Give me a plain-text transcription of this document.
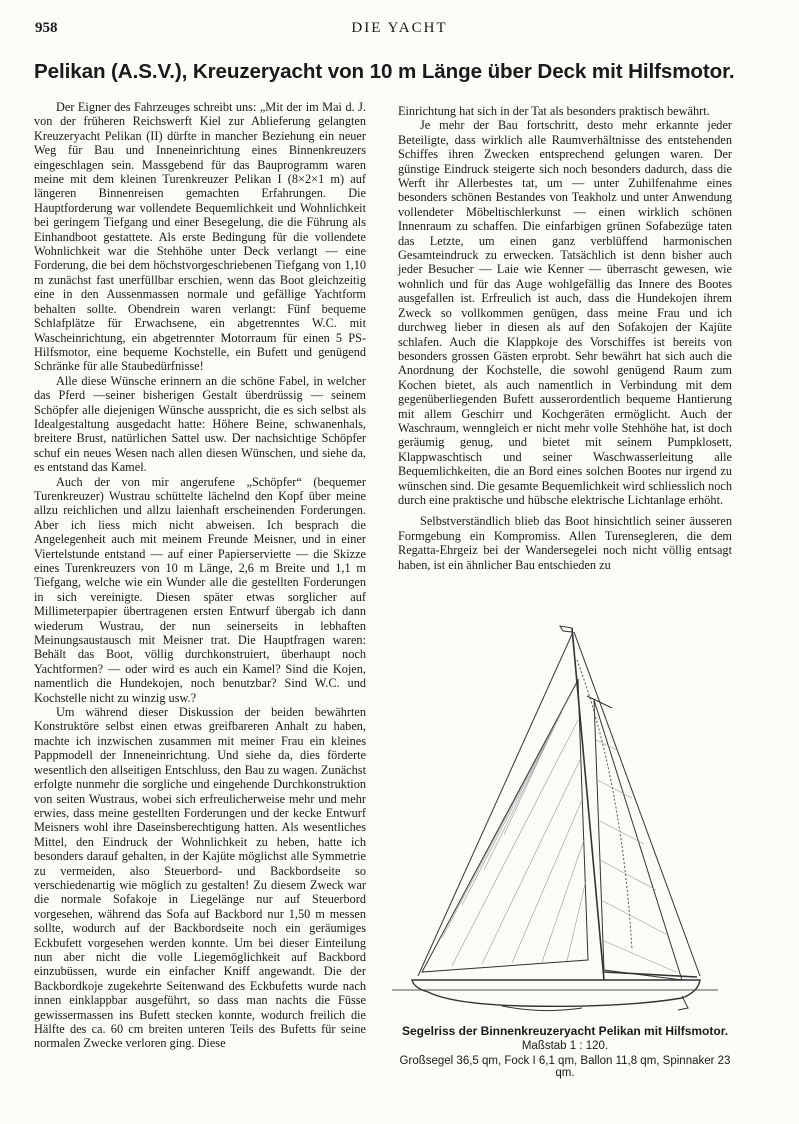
958	DIE YACHT
Pelikan (A.S.V.), Kreuzeryacht von 10 m Länge über Deck mit Hilfsmotor.

Der Eigner des Fahrzeuges schreibt uns: „Mit der im Mai d. J. von der früheren Reichswerft Kiel zur Ablieferung gelangten Kreuzeryacht Pelikan (II) dürfte in mancher Beziehung ein neuer Weg für Bau und Inneneinrichtung eines Binnenkreuzers eingeschlagen sein. Massgebend für das Bauprogramm waren meine mit dem kleinen Turenkreuzer Pelikan I (8×2×1 m) auf längeren Binnenreisen gemachten Erfahrungen. Die Hauptforderung war vollendete Bequemlichkeit und Wohnlichkeit bei geringem Tiefgang und einer Besegelung, die die Führung als Einhandboot gestattete. Als erste Bedingung für die vollendete Wohnlichkeit war die Stehhöhe unter Deck verlangt — eine Forderung, die bei dem höchstvorgeschriebenen Tiefgang von 1,10 m zunächst fast unerfüllbar erschien, wenn das Boot gleichzeitig eine in den Aussenmassen normale und gefällige Yachtform behalten sollte. Obendrein waren verlangt: Fünf bequeme Schlafplätze für Erwachsene, ein abgetrenntes W.C. mit Wascheinrichtung, ein abgetrennter Motorraum für einen 5 PS-Hilfsmotor, eine bequeme Kochstelle, ein Bufett und genügend Schränke für alle Staubedürfnisse!

Alle diese Wünsche erinnern an die schöne Fabel, in welcher das Pferd —seiner bisherigen Gestalt überdrüssig — seinem Schöpfer alle diejenigen Wünsche ausspricht, die es sich selbst als Idealgestaltung ausgedacht hatte: Höhere Beine, schwanenhals, breitere Brust, natürlichen Sattel usw. Der nachsichtige Schöpfer schuf ein neues Wesen nach allen diesen Wünschen, und siehe da, es entstand das Kamel.

Auch der von mir angerufene „Schöpfer“ (bequemer Turenkreuzer) Wustrau schüttelte lächelnd den Kopf über meine allzu reichlichen und allzu laienhaft erscheinenden Forderungen. Aber ich liess mich nicht abweisen. Ich besprach die Angelegenheit auch mit meinem Freunde Meisner, und in einer Viertelstunde entstand — auf einer Papierserviette — die Skizze eines Turenkreuzers von 10 m Länge, 2,6 m Breite und 1,1 m Tiefgang, welche wie ein Wunder alle die gestellten Forderungen in sich vereinigte. Diesen später etwas sorglicher auf Millimeterpapier übertragenen ersten Entwurf übergab ich dann wiederum Wustrau, der nun seinerseits in lebhaften Meinungsaustausch mit Meisner trat. Die Hauptfragen waren: Behält das Boot, völlig durchkonstruiert, überhaupt noch Yachtformen? — oder wird es auch ein Kamel? Sind die Kojen, namentlich die Hundekojen, noch benutzbar? Sind W.C. und Kochstelle nicht zu winzig usw.?

Um während dieser Diskussion der beiden bewährten Konstruktöre selbst einen etwas greifbareren Anhalt zu haben, machte ich inzwischen zusammen mit meiner Frau ein kleines Pappmodell der Inneneinrichtung. Und siehe da, dies förderte wesentlich den allseitigen Entschluss, den Bau zu wagen. Zunächst erfolgte nunmehr die sorgliche und eingehende Durchkonstruktion von seiten Wustraus, wobei sich erfreulicherweise mehr und mehr erwies, dass meine gestellten Forderungen und der kecke Entwurf Meisners wohl ihre Daseinsberechtigung hatten. Als wesentliches Mittel, den Eindruck der Wohnlichkeit zu heben, hatte ich besonders darauf gehalten, in der Kajüte möglichst alle Symmetrie zu vermeiden, also Steuerbord- und Backbordseite so verschiedenartig wie möglich zu gestalten! Zu diesem Zweck war die normale Sofakoje in Liegelänge nur auf Steuerbord vorgesehen, während das Sofa auf Backbord nur 1,50 m messen sollte, wodurch auf der Backbordseite noch ein geräumiges Eckbufett vorgesehen werden konnte. Um bei dieser Einteilung nun aber nicht die volle Liegemöglichkeit auf Backbord einzubüssen, wurde ein einfacher Kniff angewandt. Die der Backbordkoje zugekehrte Seitenwand des Eckbufetts wurde nach innen einklappbar ausgeführt, so dass man nachts die Füsse gewissermassen ins Bufett stecken konnte, wodurch freilich die Hälfte des ca. 60 cm breiten unteren Teils des Bufetts für seine normalen Zwecke verloren ging. Diese

Einrichtung hat sich in der Tat als besonders praktisch bewährt.

Je mehr der Bau fortschritt, desto mehr erkannte jeder Beteiligte, dass wirklich alle Raumverhältnisse des entstehenden Schiffes ihren Zwecken entsprechend gelungen waren. Der günstige Eindruck steigerte sich noch besonders dadurch, dass die Werft ihr Allerbestes tat, um — unter Zuhilfenahme eines besonders schönen Bestandes von Teakholz und unter Anwendung vollendeter Möbeltischlerkunst — einen wirklich schönen Innenraum zu schaffen. Die einfarbigen grünen Sofabezüge taten das Letzte, um einen ganz verblüffend harmonischen Gesamteindruck zu erwecken. Tatsächlich ist denn bisher auch jeder Besucher — Laie wie Kenner — überrascht gewesen, wie wohnlich und für das Auge wohlgefällig das Innere des Bootes ausgefallen ist. Erfreulich ist auch, dass die Hundekojen ihrem Zweck so vollkommen genügen, dass meine Frau und ich durchweg lieber in diesen als auf den Sofakojen der Kajüte schlafen. Auch die Klappkoje des Vorschiffes ist bereits von besonders grossen Gästen erprobt. Sehr bewährt hat sich auch die Anordnung der Kochstelle, die sowohl genügend Raum zum Kochen bietet, als auch namentlich in Verbindung mit dem gegenüberliegenden Bufett ausserordentlich bequeme Hantierung mit allem Geschirr und Kochgeräten ermöglicht. Auch der Waschraum, wenngleich er nicht mehr volle Stehhöhe hat, ist doch geräumig genug, und bietet mit seinem Pumpklosett, Klappwaschtisch und seiner Waschwasserleitung alle Bequemlichkeiten, die an Bord eines solchen Bootes nur irgend zu wünschen sind. Die gesamte Bequemlichkeit wird schliesslich noch durch eine praktische und hübsche elektrische Lichtanlage erhöht.

Selbstverständlich blieb das Boot hinsichtlich seiner äusseren Formgebung ein Kompromiss. Allen Turensegleren, die dem Regatta-Ehrgeiz bei der Wandersegelei noch nicht völlig entsagt haben, ist ein ähnlicher Bau entschieden zu

Segelriss der Binnenkreuzeryacht Pelikan mit Hilfsmotor.
Maßstab 1 : 120.
Großsegel 36,5 qm, Fock I 6,1 qm, Ballon 11,8 qm, Spinnaker 23 qm.
